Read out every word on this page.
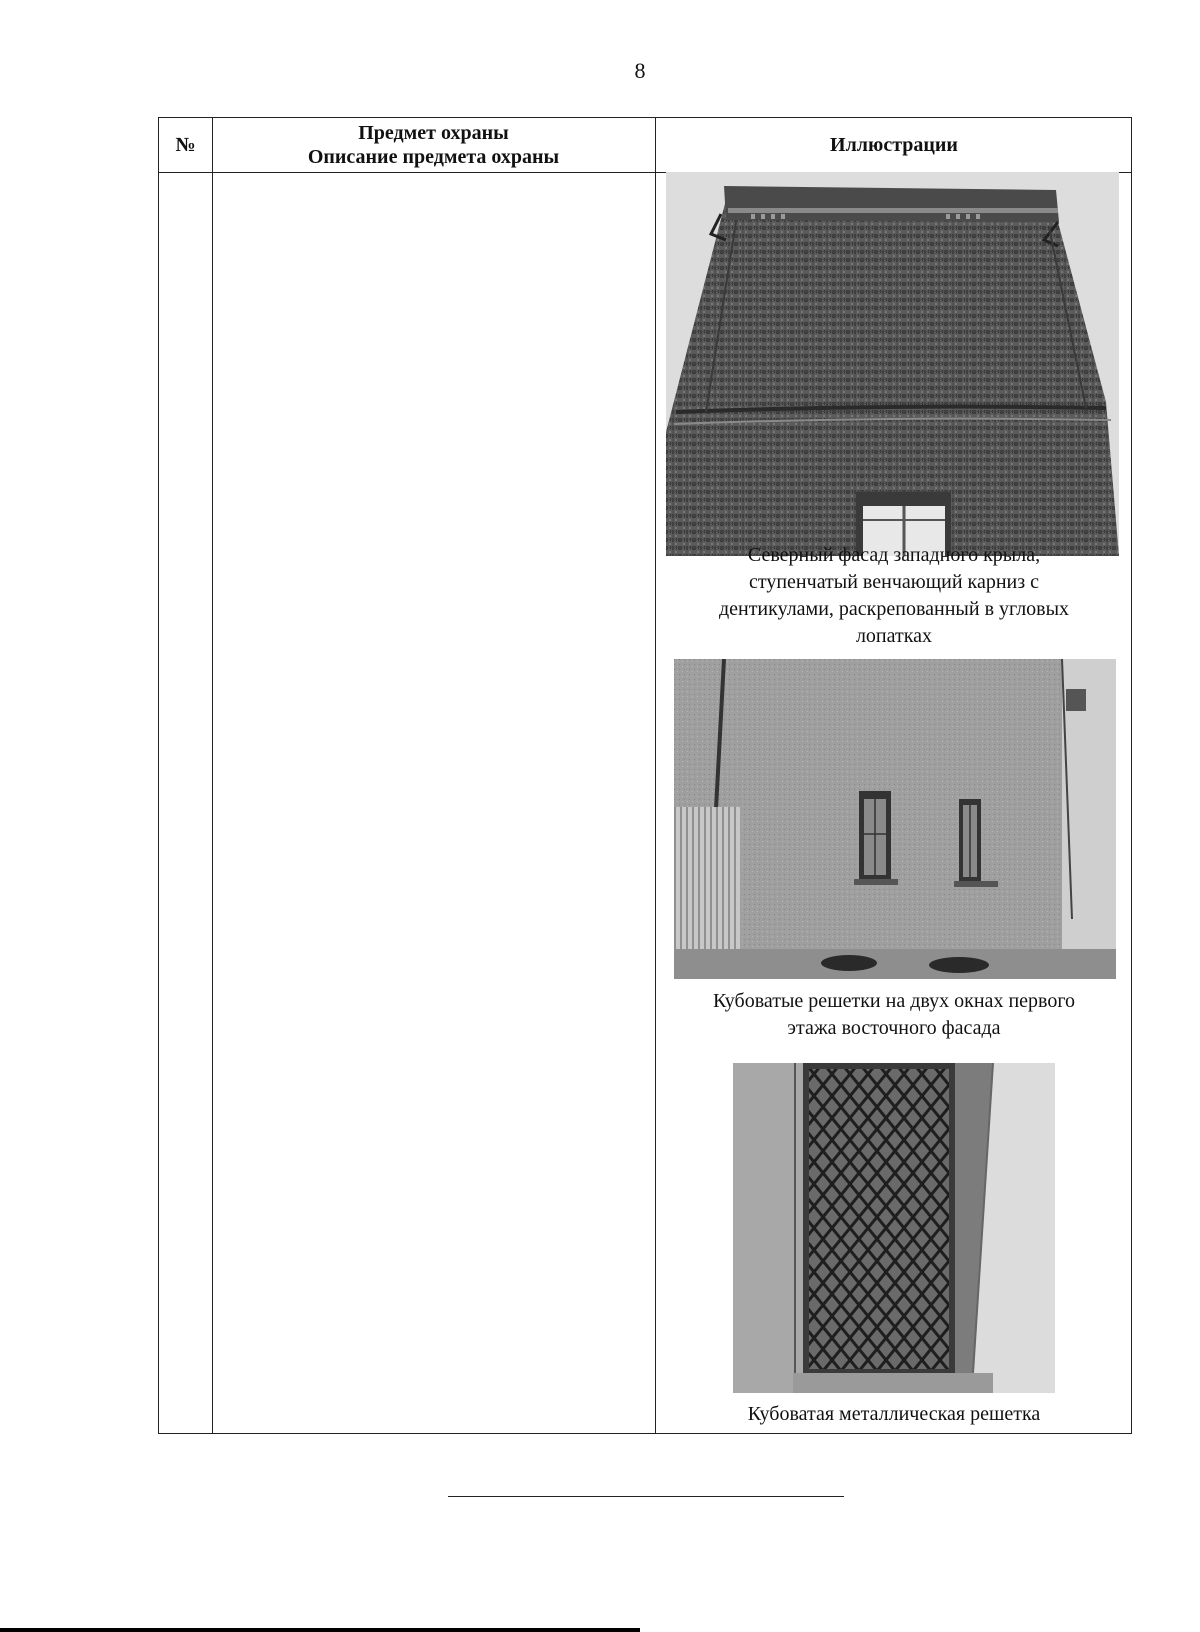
8
№
Предмет охраны
Описание предмета охраны
Иллюстрации
Северный фасад западного крыла,
ступенчатый венчающий карниз с
дентикулами, раскрепованный в угловых
лопатках
Кубоватые решетки на двух окнах первого
этажа восточного фасада
Кубоватая металлическая решетка
